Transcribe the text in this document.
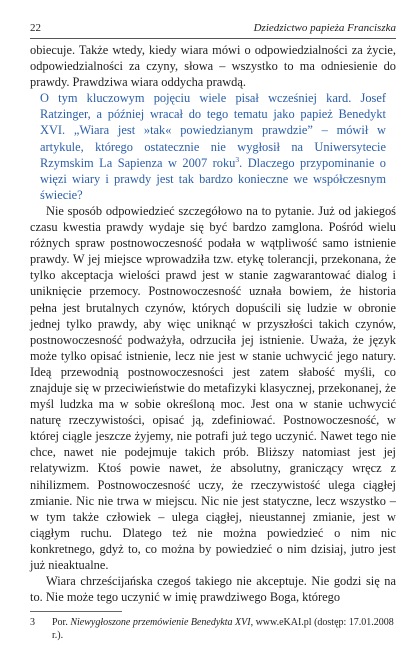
22	Dziedzictwo papieża Franciszka

obiecuje. Także wtedy, kiedy wiara mówi o odpowiedzialności za życie, odpowiedzialności za czyny, słowa – wszystko to ma odniesienie do prawdy. Prawdziwa wiara oddycha prawdą.

O tym kluczowym pojęciu wiele pisał wcześniej kard. Josef Ratzinger, a później wracał do tego tematu jako papież Benedykt XVI. „Wiara jest »tak« powiedzianym prawdzie” – mówił w artykule, którego ostatecznie nie wygłosił na Uniwersytecie Rzymskim La Sapienza w 2007 roku$^3$. Dlaczego przypominanie o więzi wiary i prawdy jest tak bardzo konieczne we współczesnym świecie?

Nie sposób odpowiedzieć szczegółowo na to pytanie. Już od jakiegoś czasu kwestia prawdy wydaje się być bardzo zamglona. Pośród wielu różnych spraw postnowoczesność podała w wątpliwość samo istnienie prawdy. W jej miejsce wprowadziła tzw. etykę tolerancji, przekonana, że tylko akceptacja wielości prawd jest w stanie zagwarantować dialog i uniknięcie przemocy. Postnowoczesność uznała bowiem, że historia pełna jest brutalnych czynów, których dopuścili się ludzie w obronie jednej tylko prawdy, aby więc uniknąć w przyszłości takich czynów, postnowoczesność podważyła, odrzuciła jej istnienie. Uważa, że język może tylko opisać istnienie, lecz nie jest w stanie uchwycić jego natury. Ideą przewodnią postnowoczesności jest zatem słabość myśli, co znajduje się w przeciwieństwie do metafizyki klasycznej, przekonanej, że myśl ludzka ma w sobie określoną moc. Jest ona w stanie uchwycić naturę rzeczywistości, opisać ją, zdefiniować. Postnowoczesność, w której ciągle jeszcze żyjemy, nie potrafi już tego uczynić. Nawet tego nie chce, nawet nie podejmuje takich prób. Bliższy natomiast jest jej relatywizm. Ktoś powie nawet, że absolutny, graniczący wręcz z nihilizmem. Postnowoczesność uczy, że rzeczywistość ulega ciągłej zmianie. Nic nie trwa w miejscu. Nic nie jest statyczne, lecz wszystko – w tym także człowiek – ulega ciągłej, nieustannej zmianie, jest w ciągłym ruchu. Dlatego też nie można powiedzieć o nim nic konkretnego, gdyż to, co można by powiedzieć o nim dzisiaj, jutro jest już nieaktualne.

Wiara chrześcijańska czegoś takiego nie akceptuje. Nie godzi się na to. Nie może tego uczynić w imię prawdziwego Boga, którego

3	Por. Niewygłoszone przemówienie Benedykta XVI, www.eKAI.pl (dostęp: 17.01.2008 r.).
